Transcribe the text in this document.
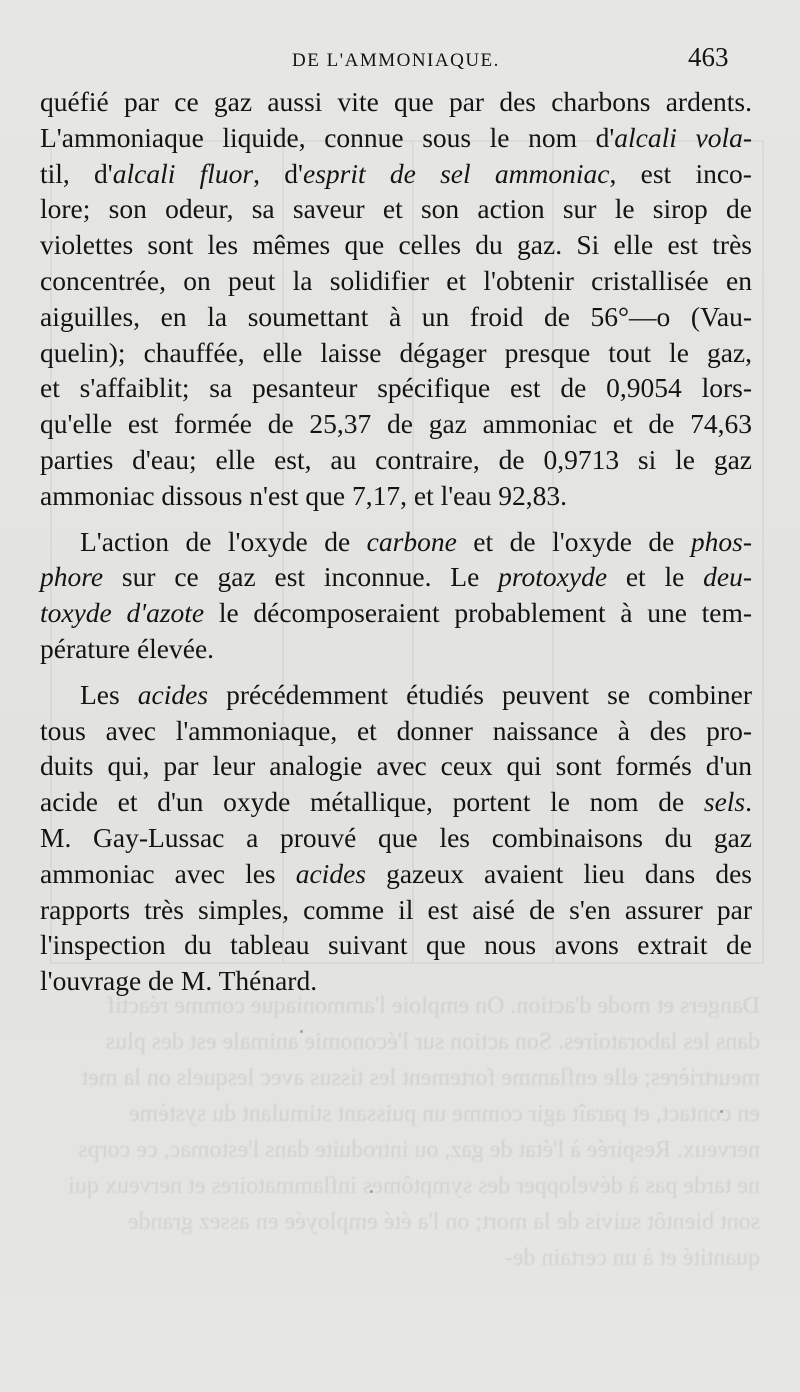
Dangers et mode d'action. On emploie l'ammoniaque comme réactif dans les laboratoires. Son action sur l'économie animale est des plus meurtrières; elle enflamme fortement les tissus avec lesquels on la met en contact, et paraît agir comme un puissant stimulant du système nerveux. Respirée à l'état de gaz, ou introduite dans l'estomac, ce corps ne tarde pas à développer des symptômes inflammatoires et nerveux qui sont bientôt suivis de la mort; on l'a été employée en assez grande quantité et à un certain de-
DE L'AMMONIAQUE.	463
quéfié par ce gaz aussi vite que par des charbons ardents.
L'ammoniaque liquide, connue sous le nom d'alcali vola-
til, d'alcali fluor, d'esprit de sel ammoniac, est inco-
lore; son odeur, sa saveur et son action sur le sirop de
violettes sont les mêmes que celles du gaz. Si elle est très
concentrée, on peut la solidifier et l'obtenir cristallisée en
aiguilles, en la soumettant à un froid de 56°—o (Vau-
quelin); chauffée, elle laisse dégager presque tout le gaz,
et s'affaiblit; sa pesanteur spécifique est de 0,9054 lors-
qu'elle est formée de 25,37 de gaz ammoniac et de 74,63
parties d'eau; elle est, au contraire, de 0,9713 si le gaz
ammoniac dissous n'est que 7,17, et l'eau 92,83.
L'action de l'oxyde de carbone et de l'oxyde de phos-
phore sur ce gaz est inconnue. Le protoxyde et le deu-
toxyde d'azote le décomposeraient probablement à une tem-
pérature élevée.
Les acides précédemment étudiés peuvent se combiner
tous avec l'ammoniaque, et donner naissance à des pro-
duits qui, par leur analogie avec ceux qui sont formés d'un
acide et d'un oxyde métallique, portent le nom de sels.
M. Gay-Lussac a prouvé que les combinaisons du gaz
ammoniac avec les acides gazeux avaient lieu dans des
rapports très simples, comme il est aisé de s'en assurer par
l'inspection du tableau suivant que nous avons extrait de
l'ouvrage de M. Thénard.
